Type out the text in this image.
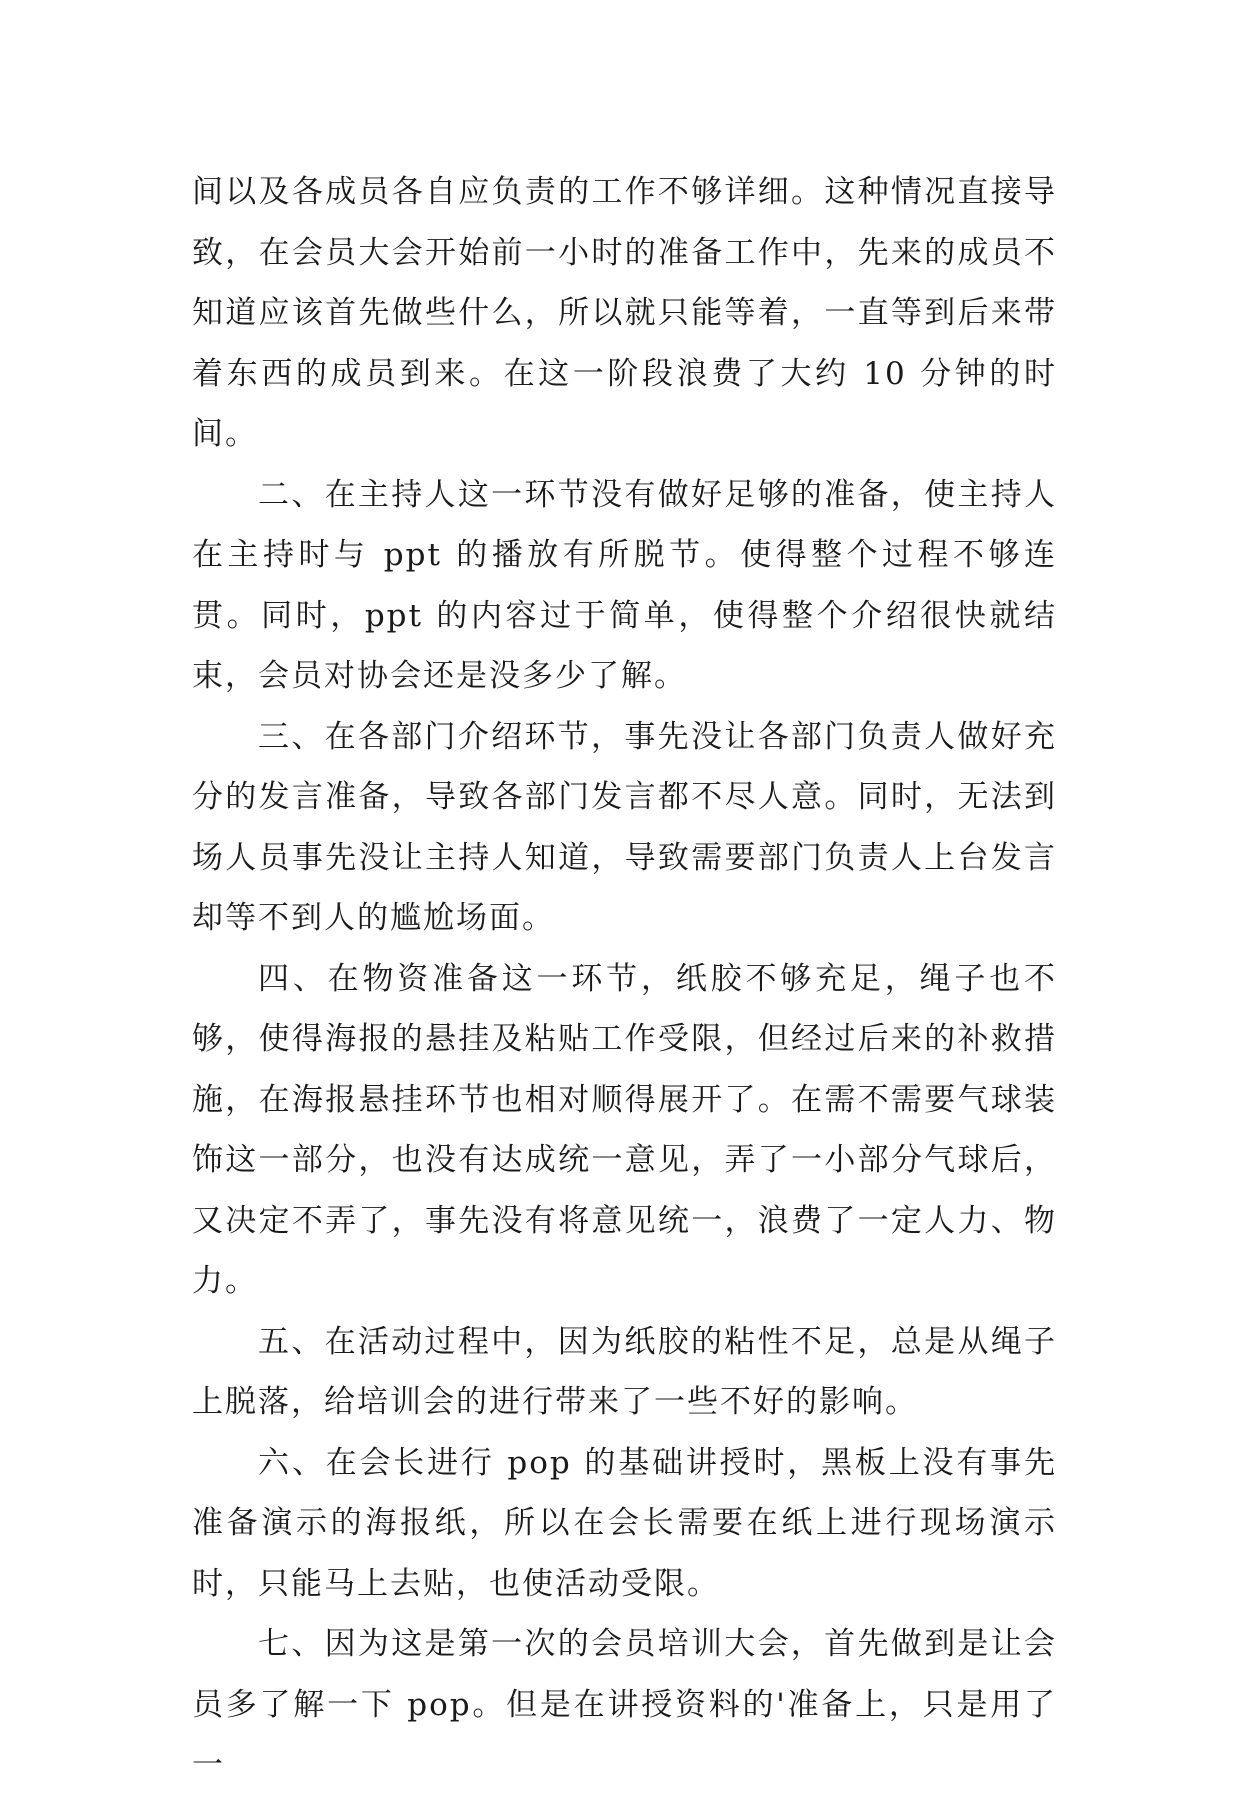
间以及各成员各自应负责的工作不够详细。这种情况直接导致，在会员大会开始前一小时的准备工作中，先来的成员不知道应该首先做些什么，所以就只能等着，一直等到后来带着东西的成员到来。在这一阶段浪费了大约 10 分钟的时间。

二、在主持人这一环节没有做好足够的准备，使主持人在主持时与 ppt 的播放有所脱节。使得整个过程不够连贯。同时，ppt 的内容过于简单，使得整个介绍很快就结束，会员对协会还是没多少了解。

三、在各部门介绍环节，事先没让各部门负责人做好充分的发言准备，导致各部门发言都不尽人意。同时，无法到场人员事先没让主持人知道，导致需要部门负责人上台发言却等不到人的尴尬场面。

四、在物资准备这一环节，纸胶不够充足，绳子也不够，使得海报的悬挂及粘贴工作受限，但经过后来的补救措施，在海报悬挂环节也相对顺得展开了。在需不需要气球装饰这一部分，也没有达成统一意见，弄了一小部分气球后，又决定不弄了，事先没有将意见统一，浪费了一定人力、物力。

五、在活动过程中，因为纸胶的粘性不足，总是从绳子上脱落，给培训会的进行带来了一些不好的影响。

六、在会长进行 pop 的基础讲授时，黑板上没有事先准备演示的海报纸，所以在会长需要在纸上进行现场演示时，只能马上去贴，也使活动受限。

七、因为这是第一次的会员培训大会，首先做到是让会员多了解一下 pop。但是在讲授资料的'准备上，只是用了一
